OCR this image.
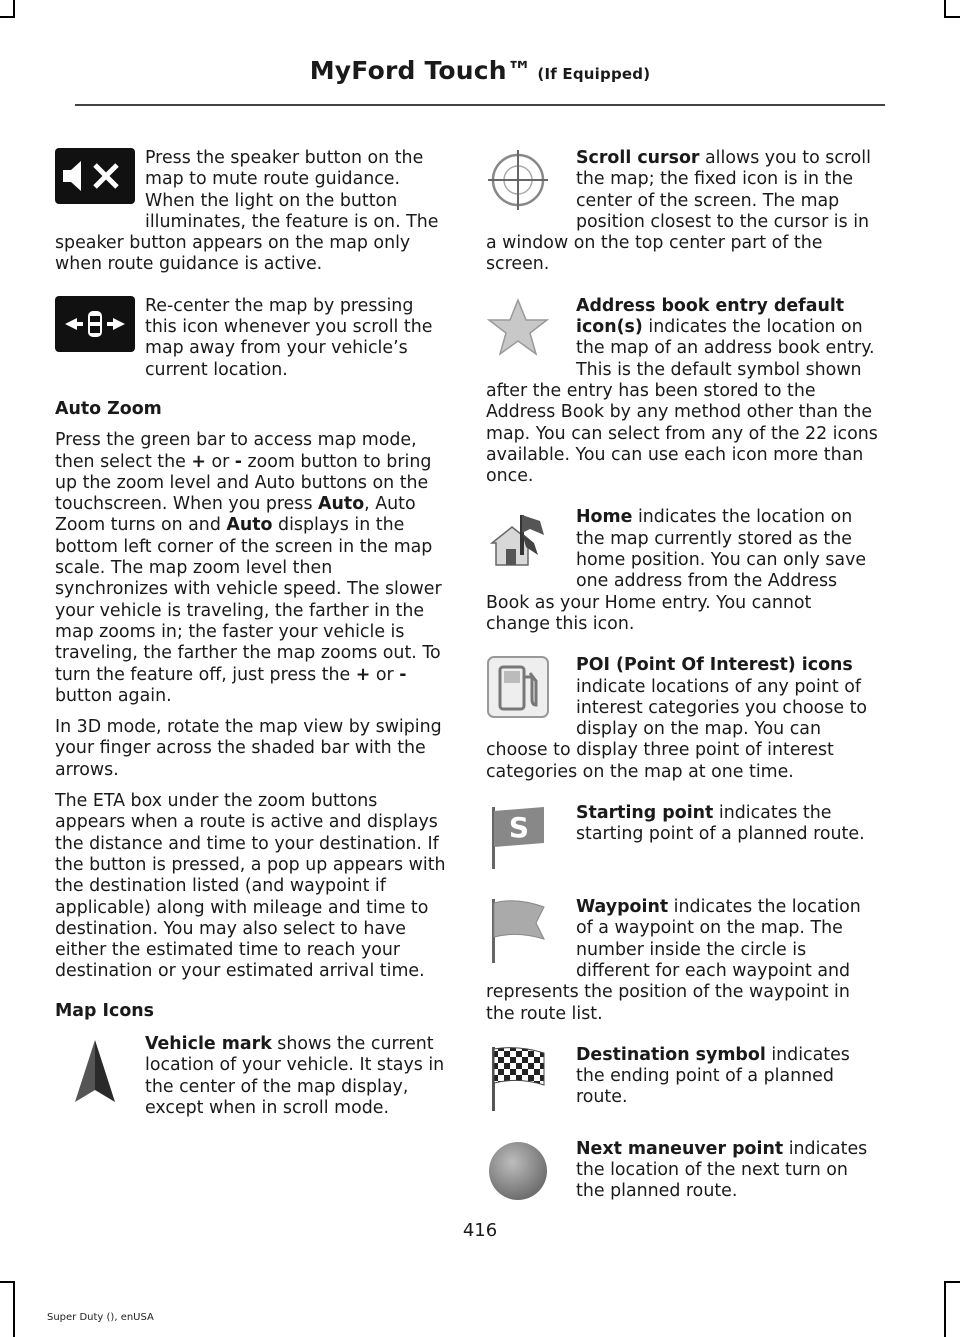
MyFord Touch™ (If Equipped)

Press the speaker button on the map to mute route guidance. When the light on the button illuminates, the feature is on. The speaker button appears on the map only when route guidance is active.

Re-center the map by pressing this icon whenever you scroll the map away from your vehicle’s current location.

Auto Zoom

Press the green bar to access map mode, then select the + or - zoom button to bring up the zoom level and Auto buttons on the touchscreen. When you press Auto, Auto Zoom turns on and Auto displays in the bottom left corner of the screen in the map scale. The map zoom level then synchronizes with vehicle speed. The slower your vehicle is traveling, the farther in the map zooms in; the faster your vehicle is traveling, the farther the map zooms out. To turn the feature off, just press the + or - button again.

In 3D mode, rotate the map view by swiping your finger across the shaded bar with the arrows.

The ETA box under the zoom buttons appears when a route is active and displays the distance and time to your destination. If the button is pressed, a pop up appears with the destination listed (and waypoint if applicable) along with mileage and time to destination. You may also select to have either the estimated time to reach your destination or your estimated arrival time.

Map Icons

Vehicle mark shows the current location of your vehicle. It stays in the center of the map display, except when in scroll mode.

Scroll cursor allows you to scroll the map; the fixed icon is in the center of the screen. The map position closest to the cursor is in a window on the top center part of the screen.

Address book entry default icon(s) indicates the location on the map of an address book entry. This is the default symbol shown after the entry has been stored to the Address Book by any method other than the map. You can select from any of the 22 icons available. You can use each icon more than once.

Home indicates the location on the map currently stored as the home position. You can only save one address from the Address Book as your Home entry. You cannot change this icon.

POI (Point Of Interest) icons indicate locations of any point of interest categories you choose to display on the map. You can choose to display three point of interest categories on the map at one time.

S	Starting point indicates the starting point of a planned route.

Waypoint indicates the location of a waypoint on the map. The number inside the circle is different for each waypoint and represents the position of the waypoint in the route list.

Destination symbol indicates the ending point of a planned route.

Next maneuver point indicates the location of the next turn on the planned route.

416
Super Duty (), enUSA
